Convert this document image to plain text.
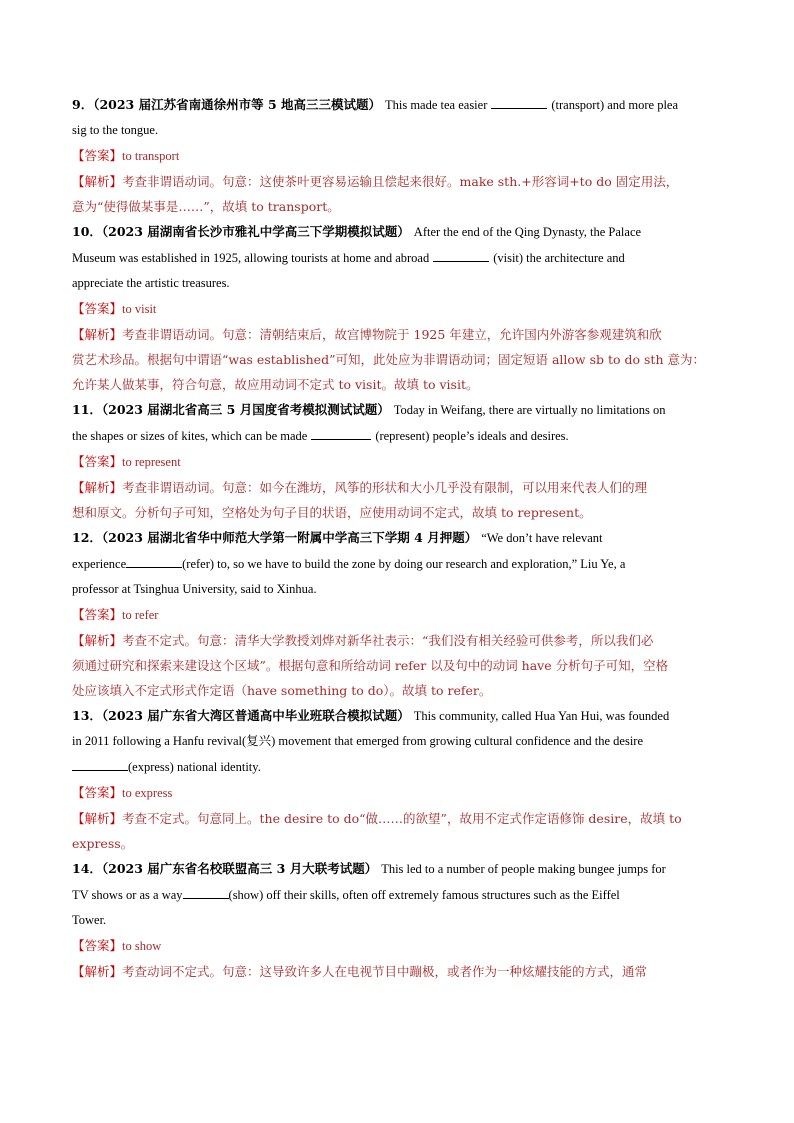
9．（2023 届江苏省南通徐州市等 5 地高三三模试题） This made tea easier	(transport) and more plea
sig to the tongue.
【答案】to transport
【解析】考查非谓语动词。句意：这使茶叶更容易运输且偿起来很好。make sth.+形容词+to do 固定用法，
意为“使得做某事是……”，故填 to transport。
10．（2023 届湖南省长沙市雅礼中学高三下学期模拟试题） After the end of the Qing Dynasty, the Palace
Museum was established in 1925, allowing tourists at home and abroad	(visit) the architecture and
appreciate the artistic treasures.
【答案】to visit
【解析】考查非谓语动词。句意：清朝结束后，故宫博物院于 1925 年建立，允许国内外游客参观建筑和欣
赏艺术珍品。根据句中谓语“was established”可知，此处应为非谓语动词；固定短语 allow sb to do sth 意为：
允许某人做某事，符合句意，故应用动词不定式 to visit。故填 to visit。
11．（2023 届湖北省高三 5 月国度省考模拟测试试题） Today in Weifang, there are virtually no limitations on
the shapes or sizes of kites, which can be made	(represent) people’s ideals and desires.
【答案】to represent
【解析】考查非谓语动词。句意：如今在潍坊，风筝的形状和大小几乎没有限制，可以用来代表人们的理
想和原文。分析句子可知，空格处为句子目的状语，应使用动词不定式，故填 to represent。
12．（2023 届湖北省华中师范大学第一附属中学高三下学期 4 月押题） “We don’t have relevant
experience	(refer) to, so we have to build the zone by doing our research and exploration,” Liu Ye, a
professor at Tsinghua University, said to Xinhua.
【答案】to refer
【解析】考查不定式。句意：清华大学教授刘烨对新华社表示：“我们没有相关经验可供参考，所以我们必
须通过研究和探索来建设这个区域”。根据句意和所给动词 refer 以及句中的动词 have 分析句子可知，空格
处应该填入不定式形式作定语（have something to do）。故填 to refer。
13．（2023 届广东省大湾区普通高中毕业班联合模拟试题） This community, called Hua Yan Hui, was founded
in 2011 following a Hanfu revival(复兴) movement that emerged from growing cultural confidence and the desire
(express) national identity.
【答案】to express
【解析】考查不定式。句意同上。the desire to do“做……的欲望”，故用不定式作定语修饰 desire，故填 to
express。
14．（2023 届广东省名校联盟高三 3 月大联考试题） This led to a number of people making bungee jumps for
TV shows or as a way	(show) off their skills, often off extremely famous structures such as the Eiffel
Tower.
【答案】to show
【解析】考查动词不定式。句意：这导致许多人在电视节目中蹦极，或者作为一种炫耀技能的方式，通常
